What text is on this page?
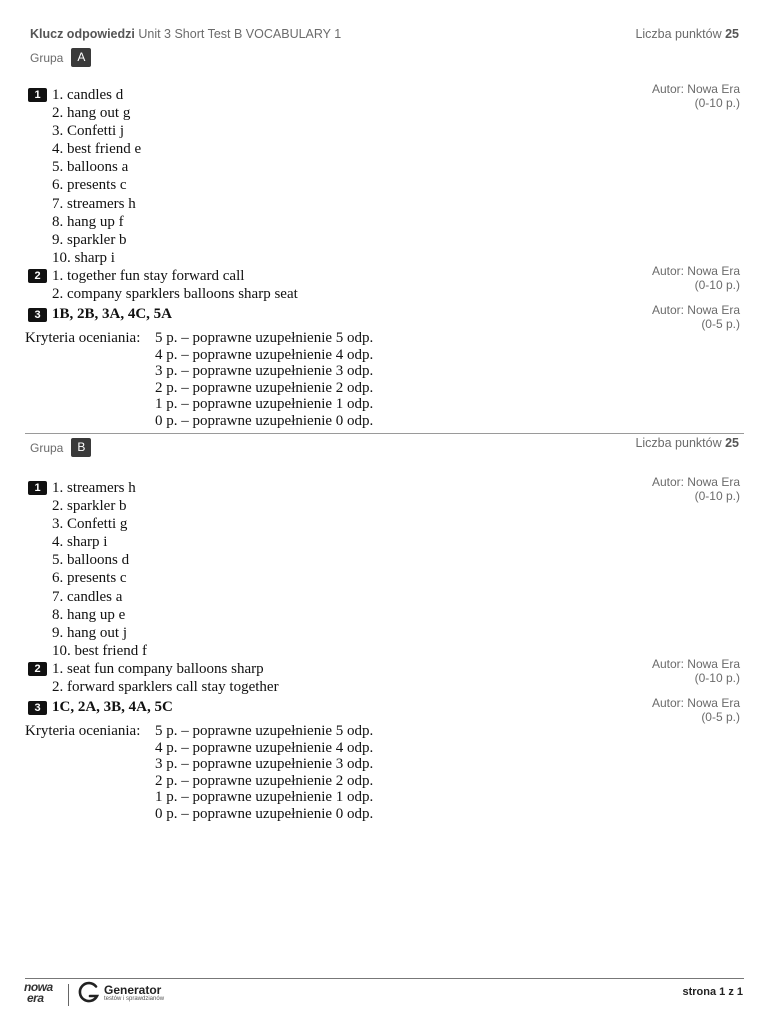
Klucz odpowiedzi Unit 3 Short Test B VOCABULARY 1	Liczba punktów 25
Grupa	A
1 1. candles d
2. hang out g
3. Confetti j
4. best friend e
5. balloons a
6. presents c
7. streamers h
8. hang up f
9. sparkler b
10. sharp i
Autor: Nowa Era
(0-10 p.)
2 1. together fun stay forward call
2. company sparklers balloons sharp seat
Autor: Nowa Era
(0-10 p.)
3 1B, 2B, 3A, 4C, 5A	Autor: Nowa Era
(0-5 p.)
Kryteria oceniania: 5 p. – poprawne uzupełnienie 5 odp.
4 p. – poprawne uzupełnienie 4 odp.
3 p. – poprawne uzupełnienie 3 odp.
2 p. – poprawne uzupełnienie 2 odp.
1 p. – poprawne uzupełnienie 1 odp.
0 p. – poprawne uzupełnienie 0 odp.
Liczba punktów 25
Grupa	B
1 1. streamers h
2. sparkler b
3. Confetti g
4. sharp i
5. balloons d
6. presents c
7. candles a
8. hang up e
9. hang out j
10. best friend f
Autor: Nowa Era
(0-10 p.)
2 1. seat fun company balloons sharp
2. forward sparklers call stay together
Autor: Nowa Era
(0-10 p.)
3 1C, 2A, 3B, 4A, 5C	Autor: Nowa Era
(0-5 p.)
Kryteria oceniania: 5 p. – poprawne uzupełnienie 5 odp.
4 p. – poprawne uzupełnienie 4 odp.
3 p. – poprawne uzupełnienie 3 odp.
2 p. – poprawne uzupełnienie 2 odp.
1 p. – poprawne uzupełnienie 1 odp.
0 p. – poprawne uzupełnienie 0 odp.
nowa
era
Generator
testów i sprawdzianów
strona 1 z 1
